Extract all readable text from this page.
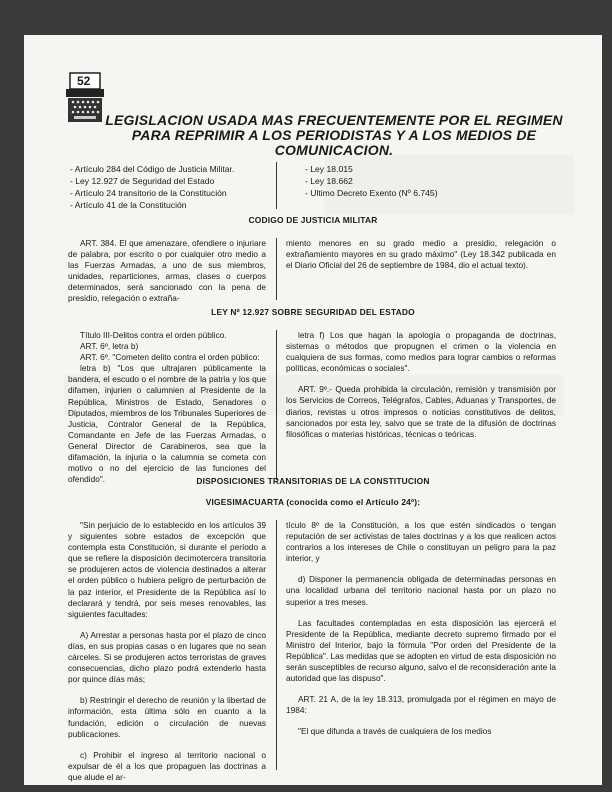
52
LEGISLACION USADA MAS FRECUENTEMENTE POR EL REGIMEN PARA REPRIMIR A LOS PERIODISTAS Y A LOS MEDIOS DE COMUNICACION.
- Artículo 284 del Código de Justicia Militar.
- Ley 12.927 de Seguridad del Estado
- Artículo 24 transitorio de la Constitución
- Artículo 41 de la Constitución
- Ley 18.015
- Ley 18.662
- Ultimo Decreto Exento (Nº 6.745)
CODIGO DE JUSTICIA MILITAR

ART. 384. El que amenazare, ofendiere o injuriare de palabra, por escrito o por cualquier otro medio a las Fuerzas Armadas, a uno de sus miembros, unidades, reparticiones, armas, clases o cuerpos determinados, será sancionado con la pena de presidio, relegación o extraña-

miento menores en su grado medio a presidio, relegación o extrañamiento mayores en su grado máximo" (Ley 18.342 publicada en el Diario Oficial del 26 de septiembre de 1984, dio el actual texto).

LEY Nº 12.927 SOBRE SEGURIDAD DEL ESTADO

Título III-Delitos contra el orden público.

ART. 6º, letra b)

ART. 6º. "Cometen delito contra el orden público:

letra b) "Los que ultrajaren públicamente la bandera, el escudo o el nombre de la patria y los que difamen, injurien o calumnien al Presidente de la República, Ministros de Estado, Senadores o Diputados, miembros de los Tribunales Superiores de Justicia, Contralor General de la República, Comandante en Jefe de las Fuerzas Armadas, o General Director de Carabineros, sea que la difamación, la injuria o la calumnia se cometa con motivo o no del ejercicio de las funciones del ofendido".

letra f) Los que hagan la apología o propaganda de doctrinas, sistemas o métodos que propugnen el crimen o la violencia en cualquiera de sus formas, como medios para lograr cambios o reformas políticas, económicas o sociales".

ART. 9º.- Queda prohibida la circulación, remisión y transmisión por los Servicios de Correos, Telégrafos, Cables, Aduanas y Transportes, de diarios, revistas u otros impresos o noticias constitutivos de delitos, sancionados por esta ley, salvo que se trate de la difusión de doctrinas filosóficas o materias históricas, técnicas o teóricas.

DISPOSICIONES TRANSITORIAS DE LA CONSTITUCION
VIGESIMACUARTA (conocida como el Artículo 24º):

"Sin perjuicio de lo establecido en los artículos 39 y siguientes sobre estados de excepción que contempla esta Constitución, si durante el período a que se refiere la disposición decimotercera transitoria se produjeren actos de violencia destinados a alterar el orden público o hubiera peligro de perturbación de la paz interior, el Presidente de la República así lo declarará y tendrá, por seis meses renovables, las siguientes facultades:

A) Arrestar a personas hasta por el plazo de cinco días, en sus propias casas o en lugares que no sean cárceles. Si se produjeren actos terroristas de graves consecuencias, dicho plazo podrá extenderlo hasta por quince días más;

b) Restringir el derecho de reunión y la libertad de información, esta última sólo en cuanto a la fundación, edición o circulación de nuevas publicaciones.

c) Prohibir el ingreso al territorio nacional o expulsar de él a los que propaguen las doctrinas a que alude el ar-

tículo 8º de la Constitución, a los que estén sindicados o tengan reputación de ser activistas de tales doctrinas y a los que realicen actos contrarios a los intereses de Chile o constituyan un peligro para la paz interior, y

d) Disponer la permanencia obligada de determinadas personas en una localidad urbana del territorio nacional hasta por un plazo no superior a tres meses.

Las facultades contempladas en esta disposición las ejercerá el Presidente de la República, mediante decreto supremo firmado por el Ministro del Interior, bajo la fórmula "Por orden del Presidente de la República". Las medidas que se adopten en virtud de esta disposición no serán susceptibles de recurso alguno, salvo el de reconsideración ante la autoridad que las dispuso".

ART. 21 A, de la ley 18.313, promulgada por el régimen en mayo de 1984:

"El que difunda a través de cualquiera de los medios
